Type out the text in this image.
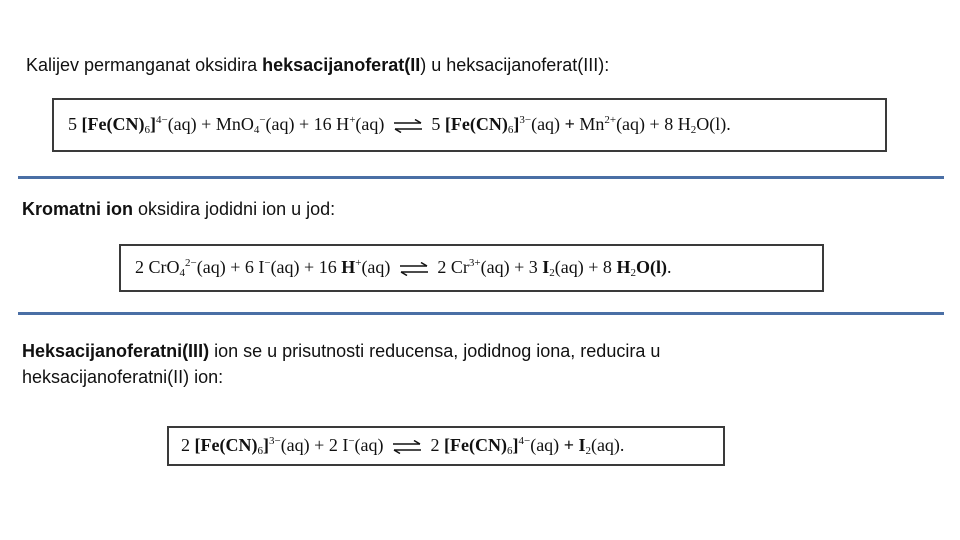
Kalijev permanganat oksidira heksacijanoferat(II) u heksacijanoferat(III):
5 $[Fe(CN)_6]^{4-}(aq) + MnO_4^-(aq) + 16$ H+(aq) ⇌ 5 $[Fe(CN)_6]^{3-}(aq) + Mn^{2+}(aq) + 8$ $H_2O(l)$.
Kromatni ion oksidira jodidni ion u jod:
2 CrO$_4^{2-}$(aq) + 6 I−(aq) + 16 H+(aq) ⇌ 2 $Cr^{3+}(aq) + 3$ $I_2(aq) + 8$ $H_2O(l)$.
Heksacijanoferatni(III) ion se u prisutnosti reducensa, jodidnog iona, reducira u
heksacijanoferatni(II) ion:
2 $[Fe(CN)_6]^{3-}(aq) + 2$ I−(aq) ⇌ 2 $[Fe(CN)_6]^{4-}(aq) + I_2(aq)$.
